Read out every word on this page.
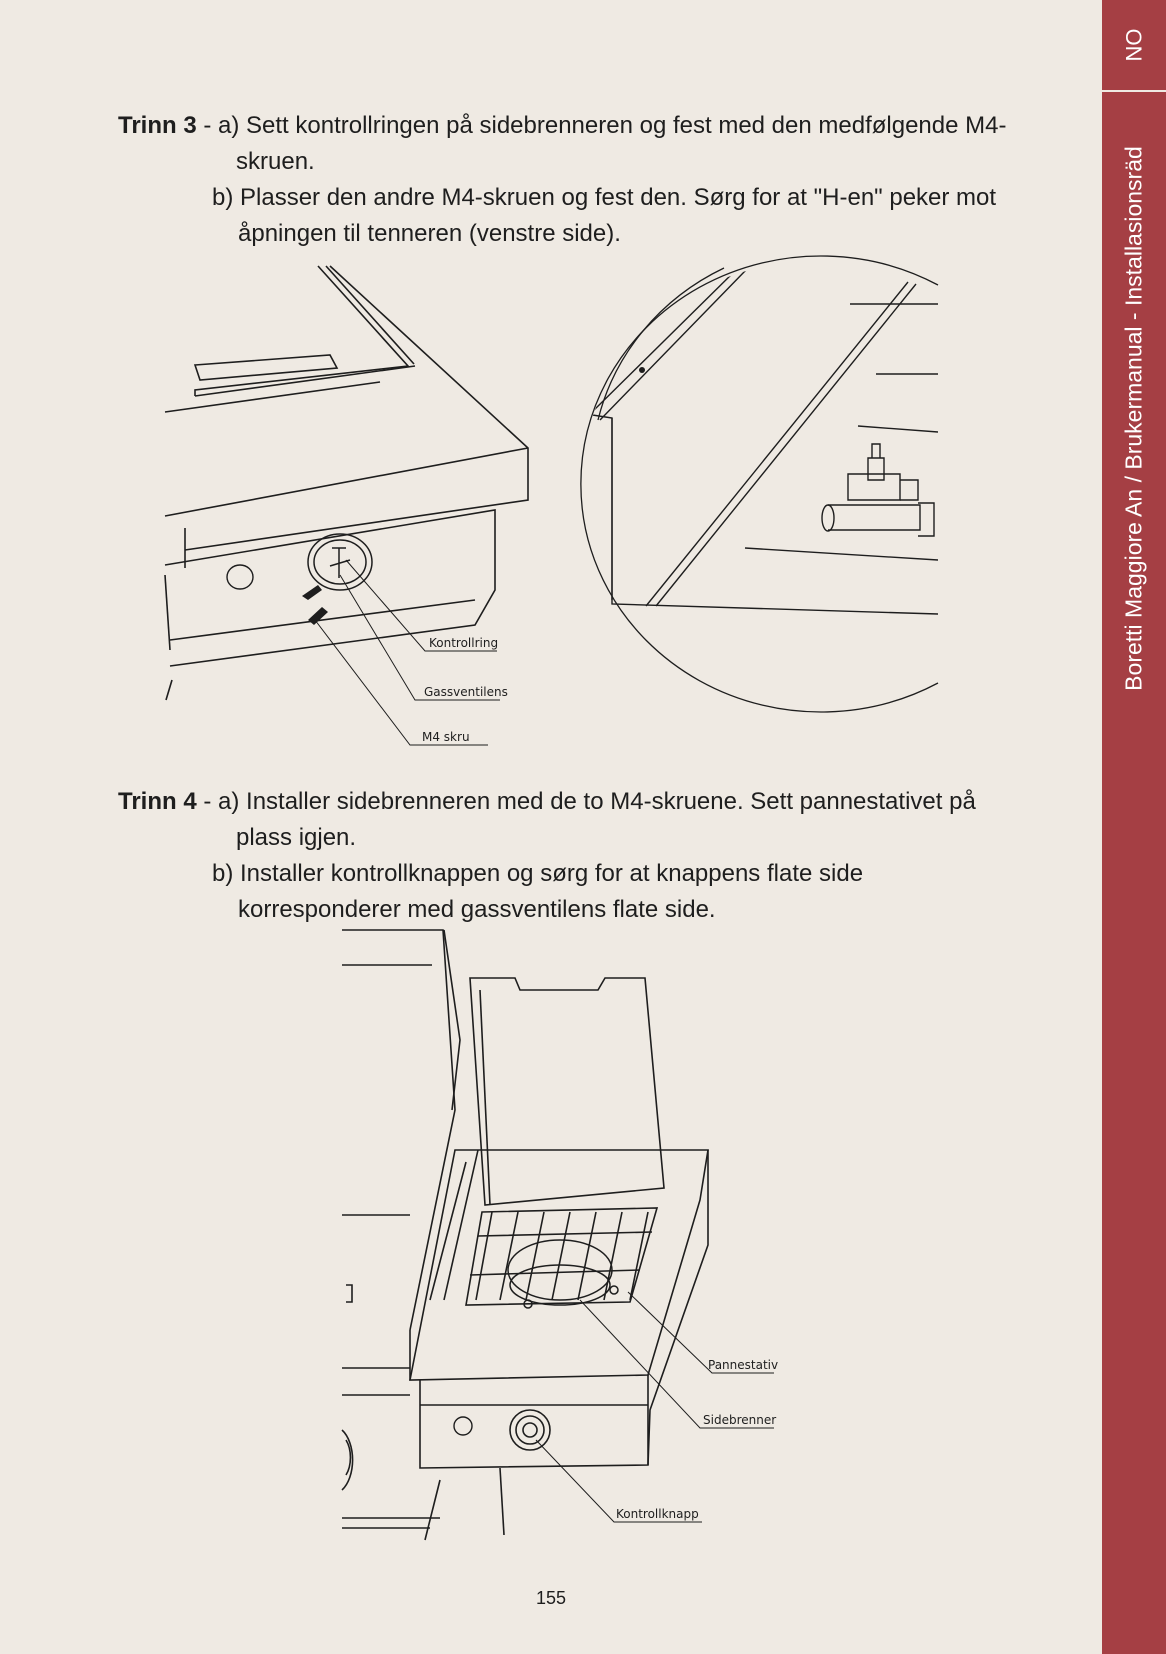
NO
Boretti Maggiore An / Brukermanual - Installasionsräd
Trinn 3 - a) Sett kontrollringen på sidebrenneren og fest med den medfølgende M4-
skruen.
b) Plasser den andre M4-skruen og fest den. Sørg for at "H-en" peker mot
åpningen til tenneren (venstre side).
Kontrollring
Gassventilens
M4 skru
Trinn 4 - a) Installer sidebrenneren med de to M4-skruene. Sett pannestativet på
plass igjen.
b) Installer kontrollknappen og sørg for at knappens flate side
korresponderer med gassventilens flate side.
Pannestativ
Sidebrenner
Kontrollknapp
155
